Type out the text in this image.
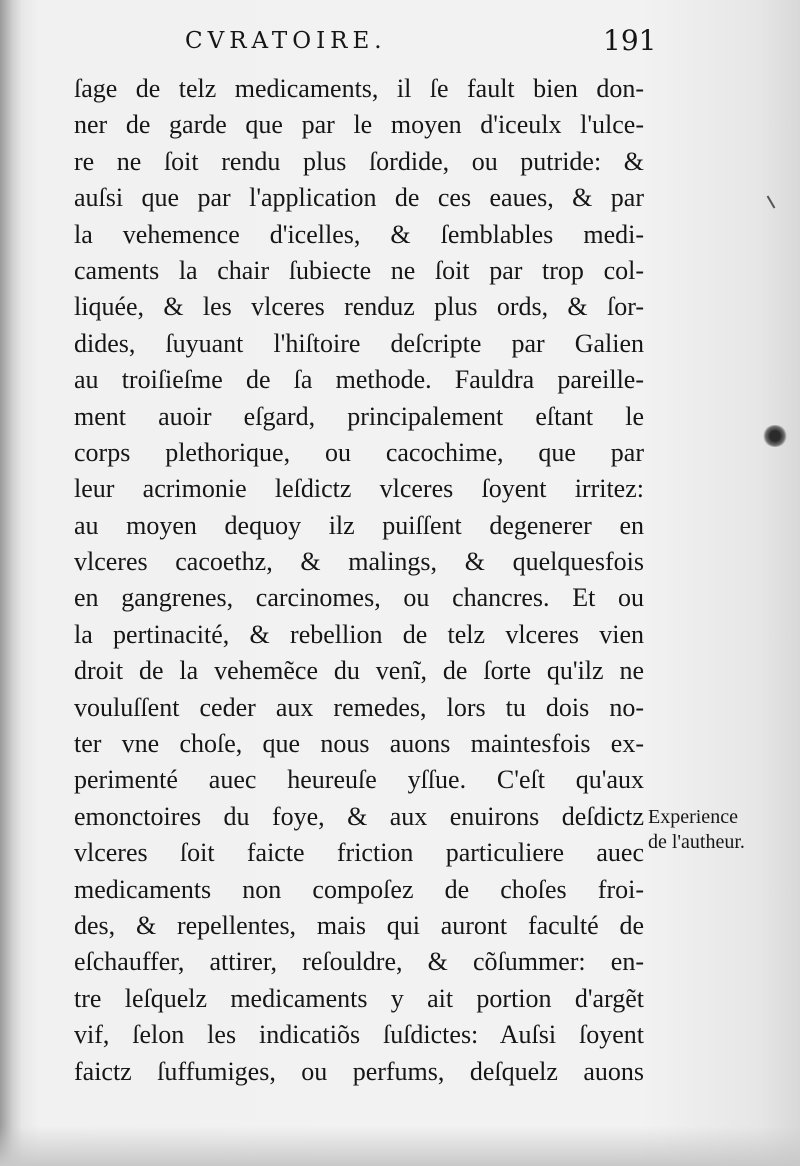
CVRATOIRE.	191
ſage de telz medicaments, il ſe fault bien don-
ner de garde que par le moyen d'iceulx l'ulce-
re ne ſoit rendu plus ſordide, ou putride: &
auſsi que par l'application de ces eaues, & par
la vehemence d'icelles, & ſemblables medi-
caments la chair ſubiecte ne ſoit par trop col-
liquée, & les vlceres renduz plus ords, & ſor-
dides, ſuyuant l'hiſtoire deſcripte par Galien
au troiſieſme de ſa methode. Fauldra pareille-
ment auoir eſgard, principalement eſtant le
corps plethorique, ou cacochime, que par
leur acrimonie leſdictz vlceres ſoyent irritez:
au moyen dequoy ilz puiſſent degenerer en
vlceres cacoethz, & malings, & quelquesfois
en gangrenes, carcinomes, ou chancres. Et ou
la pertinacité, & rebellion de telz vlceres vien
droit de la vehemẽce du venĩ, de ſorte qu'ilz ne
vouluſſent ceder aux remedes, lors tu dois no-
ter vne choſe, que nous auons maintesfois ex-
perimenté auec heureuſe yſſue. C'eſt qu'aux
emonctoires du foye, & aux enuirons deſdictz
vlceres ſoit faicte friction particuliere auec
medicaments non compoſez de choſes froi-
des, & repellentes, mais qui auront faculté de
eſchauffer, attirer, reſouldre, & cõſummer: en-
tre leſquelz medicaments y ait portion d'argẽt
vif, ſelon les indicatiõs ſuſdictes: Auſsi ſoyent
faictz ſuffumiges, ou perfums, deſquelz auons
Experience
de l'autheur.
